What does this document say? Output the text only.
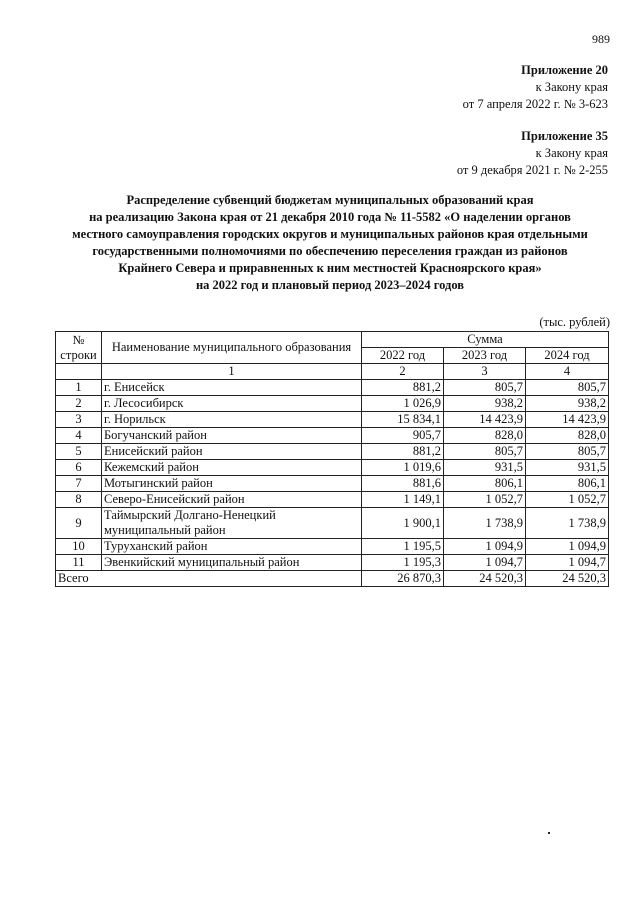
989
Приложение 20
к Закону края
от 7 апреля 2022 г. № 3-623
Приложение 35
к Закону края
от 9 декабря 2021 г. № 2-255
Распределение субвенций бюджетам муниципальных образований края
на реализацию Закона края от 21 декабря 2010 года № 11-5582 «О наделении органов
местного самоуправления городских округов и муниципальных районов края отдельными
государственными полномочиями по обеспечению переселения граждан из районов
Крайнего Севера и приравненных к ним местностей Красноярского края»
на 2022 год и плановый период 2023–2024 годов
(тыс. рублей)
№ строки	Наименование муниципального образования	Сумма		
		2022 год	2023 год	2024 год
	1	2	3	4
1	г. Енисейск	881,2	805,7	805,7
2	г. Лесосибирск	1 026,9	938,2	938,2
3	г. Норильск	15 834,1	14 423,9	14 423,9
4	Богучанский район	905,7	828,0	828,0
5	Енисейский район	881,2	805,7	805,7
6	Кежемский район	1 019,6	931,5	931,5
7	Мотыгинский район	881,6	806,1	806,1
8	Северо-Енисейский район	1 149,1	1 052,7	1 052,7
9	Таймырский Долгано-Ненецкий муниципальный район	1 900,1	1 738,9	1 738,9
10	Туруханский район	1 195,5	1 094,9	1 094,9
11	Эвенкийский муниципальный район	1 195,3	1 094,7	1 094,7
Всего		26 870,3	24 520,3	24 520,3
